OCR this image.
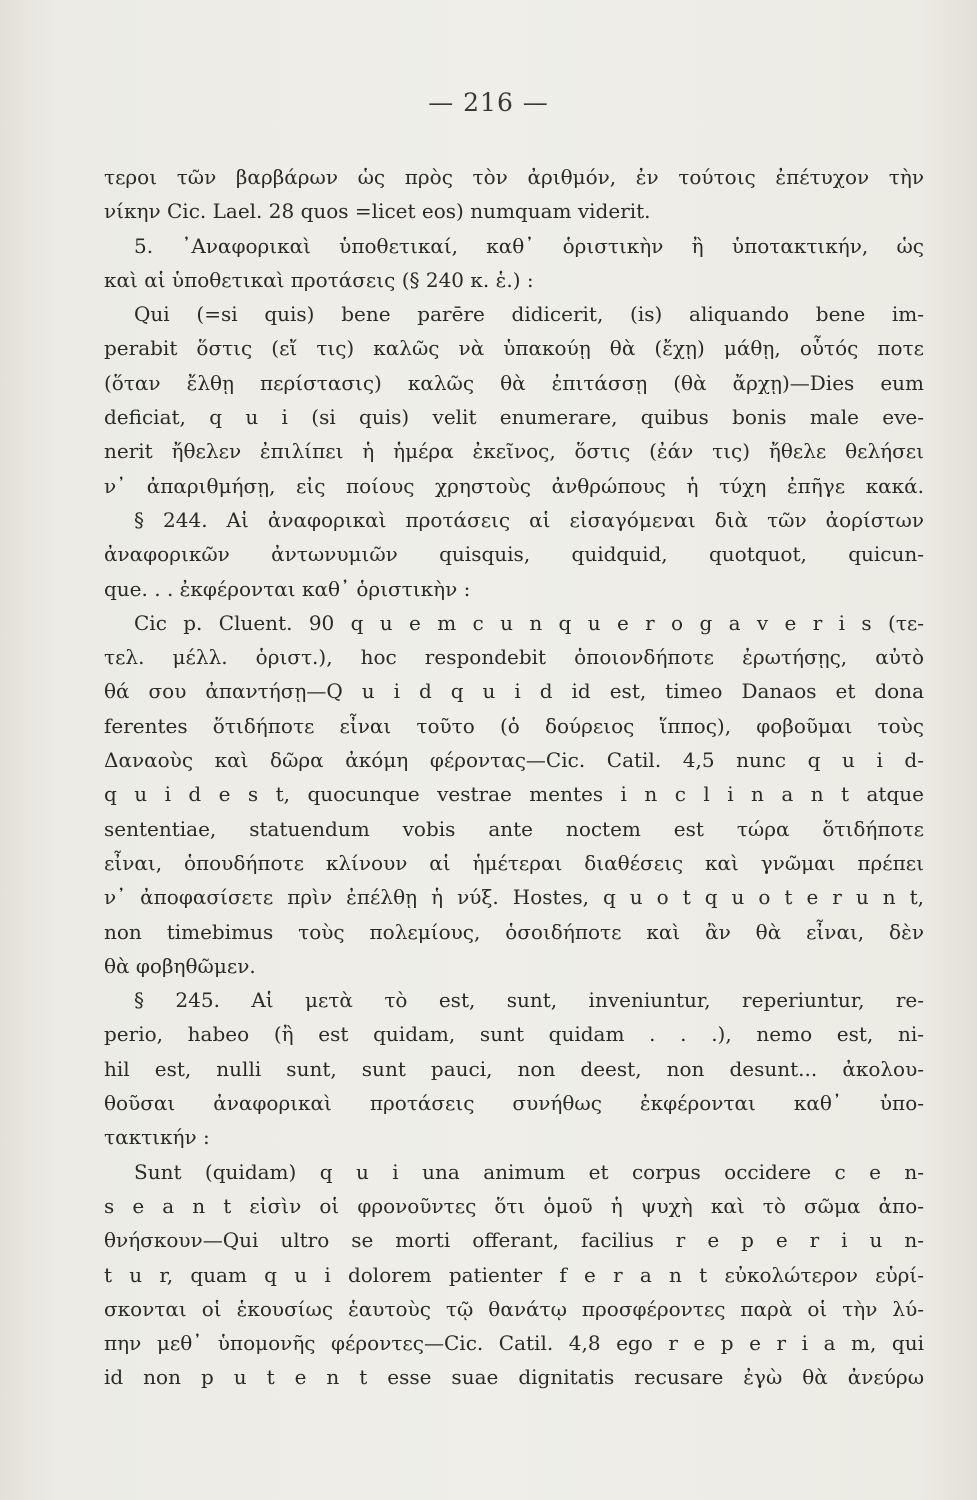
— 216 —
τεροι τῶν βαρβάρων ὡς πρὸς τὸν ἀριθμόν, ἐν τούτοις ἐπέτυχον τὴν
νίκην Cic. Lael. 28 quos =licet eos) numquam viderit.
5. ᾽Αναφορικαὶ ὑποθετικαί, καθ᾽ ὁριστικὴν ἢ ὑποτακτικήν, ὡς
καὶ αἱ ὑποθετικαὶ προτάσεις (§ 240 κ. ἑ.) :
Qui (=si quis) bene parēre didicerit, (is) aliquando bene im-
perabit ὅστις (εἴ τις) καλῶς νὰ ὑπακούῃ θὰ (ἔχῃ) μάθῃ, οὗτός ποτε
(ὅταν ἔλθῃ περίστασις) καλῶς θὰ ἐπιτάσσῃ (θὰ ἄρχῃ)—Dies eum
deficiat, q u i (si quis) velit enumerare, quibus bonis male eve-
nerit ἤθελεν ἐπιλίπει ἡ ἡμέρα ἐκεῖνος, ὅστις (ἐάν τις) ἤθελε θελήσει
ν᾽ ἀπαριθμήσῃ, εἰς ποίους χρηστοὺς ἀνθρώπους ἡ τύχη ἐπῆγε κακά.
§ 244. Αἱ ἀναφορικαὶ προτάσεις αἱ εἰσαγόμεναι διὰ τῶν ἀορίστων
ἀναφορικῶν ἀντωνυμιῶν quisquis, quidquid, quotquot, quicun-
que. . . ἐκφέρονται καθ᾽ ὁριστικὴν :
Cic p. Cluent. 90 q u e m c u n q u e r o g a v e r i s (τε-
τελ. μέλλ. ὁριστ.), hoc respondebit ὁποιονδήποτε ἐρωτήσῃς, αὐτὸ
θά σου ἀπαντήσῃ—Q u i d q u i d id est, timeo Danaos et dona
ferentes ὅτιδήποτε εἶναι τοῦτο (ὁ δούρειος ἵππος), φοβοῦμαι τοὺς
Δαναοὺς καὶ δῶρα ἀκόμη φέροντας—Cic. Catil. 4,5 nunc q u i d-
q u i d e s t, quocunque vestrae mentes i n c l i n a n t atque
sententiae, statuendum vobis ante noctem est τώρα ὅτιδήποτε
εἶναι, ὁπουδήποτε κλίνουν αἱ ἡμέτεραι διαθέσεις καὶ γνῶμαι πρέπει
ν᾽ ἀποφασίσετε πρὶν ἐπέλθῃ ἡ νύξ. Hostes, q u o t q u o t e r u n t,
non timebimus τοὺς πολεμίους, ὁσοιδήποτε καὶ ἂν θὰ εἶναι, δὲν
θὰ φοβηθῶμεν.
§ 245. Αἱ μετὰ τὸ est, sunt, inveniuntur, reperiuntur, re-
perio, habeo (ἢ est quidam, sunt quidam . . .), nemo est, ni-
hil est, nulli sunt, sunt pauci, non deest, non desunt... ἀκολου-
θοῦσαι ἀναφορικαὶ προτάσεις συνήθως ἐκφέρονται καθ᾽ ὑπο-
τακτικήν :
Sunt (quidam) q u i una animum et corpus occidere c e n-
s e a n t εἰσὶν οἱ φρονοῦντες ὅτι ὁμοῦ ἡ ψυχὴ καὶ τὸ σῶμα ἀπο-
θνήσκουν—Qui ultro se morti offerant, facilius r e p e r i u n-
t u r, quam q u i dolorem patienter f e r a n t εὐκολώτερον εὑρί-
σκονται οἱ ἑκουσίως ἑαυτοὺς τῷ θανάτῳ προσφέροντες παρὰ οἱ τὴν λύ-
πην μεθ᾽ ὑπομονῆς φέροντες—Cic. Catil. 4,8 ego r e p e r i a m, qui
id non p u t e n t esse suae dignitatis recusare ἐγὼ θὰ ἀνεύρω
